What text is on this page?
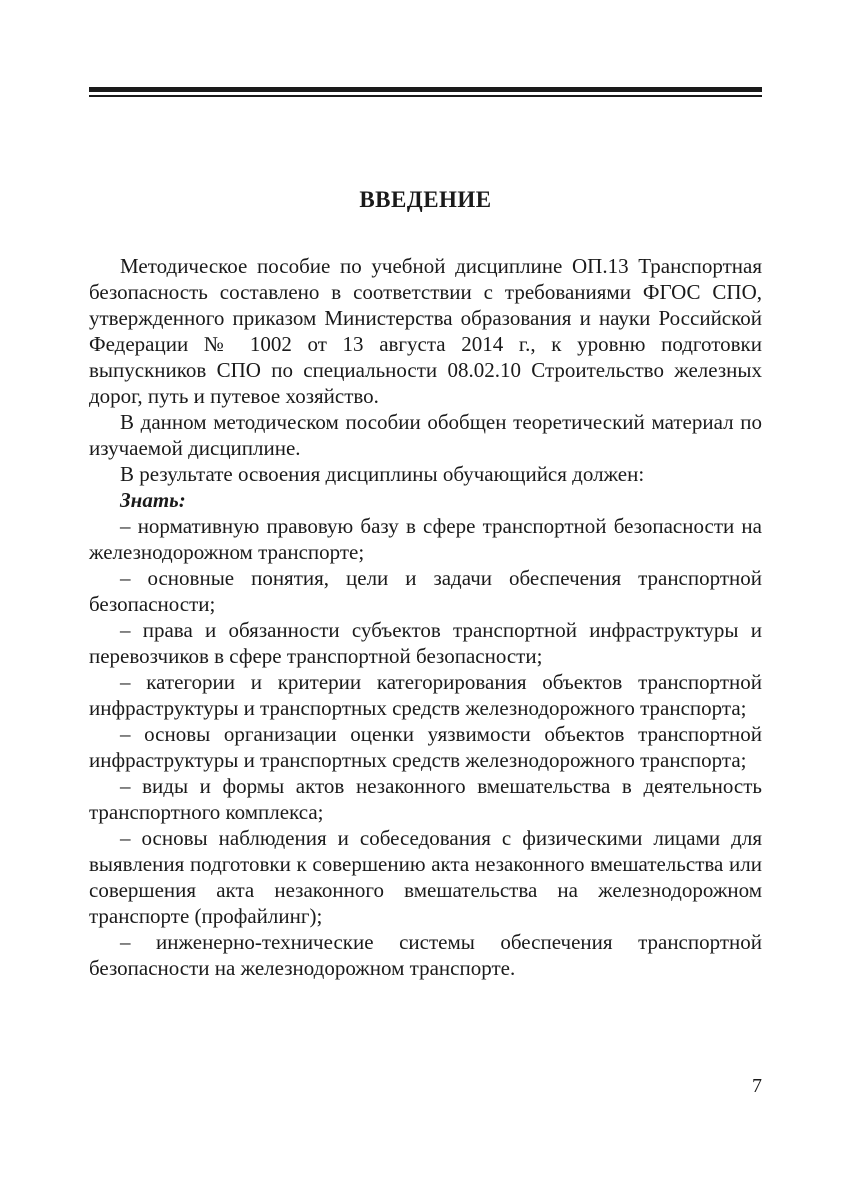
ВВЕДЕНИЕ

Методическое пособие по учебной дисциплине ОП.13 Транспортная безопасность составлено в соответствии с требованиями ФГОС СПО, утвержденного приказом Министерства образования и науки Российской Федерации № 1002 от 13 августа 2014 г., к уровню подготовки выпускников СПО по специальности 08.02.10 Строительство железных дорог, путь и путевое хозяйство.

В данном методическом пособии обобщен теоретический материал по изучаемой дисциплине.

В результате освоения дисциплины обучающийся должен:

Знать:

– нормативную правовую базу в сфере транспортной безопасности на железнодорожном транспорте;

– основные понятия, цели и задачи обеспечения транспортной безопасности;

– права и обязанности субъектов транспортной инфраструктуры и перевозчиков в сфере транспортной безопасности;

– категории и критерии категорирования объектов транспортной инфраструктуры и транспортных средств железнодорожного транспорта;

– основы организации оценки уязвимости объектов транспортной инфраструктуры и транспортных средств железнодорожного транспорта;

– виды и формы актов незаконного вмешательства в деятельность транспортного комплекса;

– основы наблюдения и собеседования с физическими лицами для выявления подготовки к совершению акта незаконного вмешательства или совершения акта незаконного вмешательства на железнодорожном транспорте (профайлинг);

– инженерно-технические системы обеспечения транспортной безопасности на железнодорожном транспорте.

7
